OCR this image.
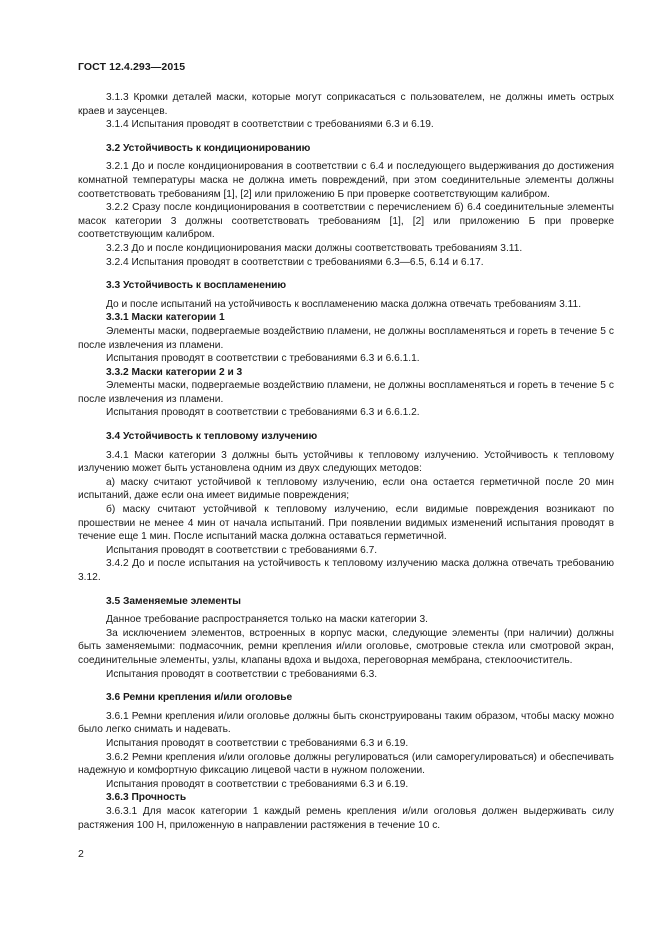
ГОСТ 12.4.293—2015

3.1.3 Кромки деталей маски, которые могут соприкасаться с пользователем, не должны иметь острых краев и заусенцев.

3.1.4 Испытания проводят в соответствии с требованиями 6.3 и 6.19.

3.2 Устойчивость к кондиционированию

3.2.1 До и после кондиционирования в соответствии с 6.4 и последующего выдерживания до достижения комнатной температуры маска не должна иметь повреждений, при этом соединительные элементы должны соответствовать требованиям [1], [2] или приложению Б при проверке соответствующим калибром.

3.2.2 Сразу после кондиционирования в соответствии с перечислением б) 6.4 соединительные элементы масок категории 3 должны соответствовать требованиям [1], [2] или приложению Б при проверке соответствующим калибром.

3.2.3 До и после кондиционирования маски должны соответствовать требованиям 3.11.

3.2.4 Испытания проводят в соответствии с требованиями 6.3—6.5, 6.14 и 6.17.

3.3 Устойчивость к воспламенению

До и после испытаний на устойчивость к воспламенению маска должна отвечать требованиям 3.11.

3.3.1 Маски категории 1

Элементы маски, подвергаемые воздействию пламени, не должны воспламеняться и гореть в течение 5 с после извлечения из пламени.

Испытания проводят в соответствии с требованиями 6.3 и 6.6.1.1.

3.3.2 Маски категории 2 и 3

Элементы маски, подвергаемые воздействию пламени, не должны воспламеняться и гореть в течение 5 с после извлечения из пламени.

Испытания проводят в соответствии с требованиями 6.3 и 6.6.1.2.

3.4 Устойчивость к тепловому излучению

3.4.1 Маски категории 3 должны быть устойчивы к тепловому излучению. Устойчивость к тепловому излучению может быть установлена одним из двух следующих методов:

а) маску считают устойчивой к тепловому излучению, если она остается герметичной после 20 мин испытаний, даже если она имеет видимые повреждения;

б) маску считают устойчивой к тепловому излучению, если видимые повреждения возникают по прошествии не менее 4 мин от начала испытаний. При появлении видимых изменений испытания проводят в течение еще 1 мин. После испытаний маска должна оставаться герметичной.

Испытания проводят в соответствии с требованиями 6.7.

3.4.2 До и после испытания на устойчивость к тепловому излучению маска должна отвечать требованию 3.12.

3.5 Заменяемые элементы

Данное требование распространяется только на маски категории 3.

За исключением элементов, встроенных в корпус маски, следующие элементы (при наличии) должны быть заменяемыми: подмасочник, ремни крепления и/или оголовье, смотровые стекла или смотровой экран, соединительные элементы, узлы, клапаны вдоха и выдоха, переговорная мембрана, стеклоочиститель.

Испытания проводят в соответствии с требованиями 6.3.

3.6 Ремни крепления и/или оголовье

3.6.1 Ремни крепления и/или оголовье должны быть сконструированы таким образом, чтобы маску можно было легко снимать и надевать.

Испытания проводят в соответствии с требованиями 6.3 и 6.19.

3.6.2 Ремни крепления и/или оголовье должны регулироваться (или саморегулироваться) и обеспечивать надежную и комфортную фиксацию лицевой части в нужном положении.

Испытания проводят в соответствии с требованиями 6.3 и 6.19.

3.6.3 Прочность

3.6.3.1 Для масок категории 1 каждый ремень крепления и/или оголовья должен выдерживать силу растяжения 100 Н, приложенную в направлении растяжения в течение 10 с.

2
